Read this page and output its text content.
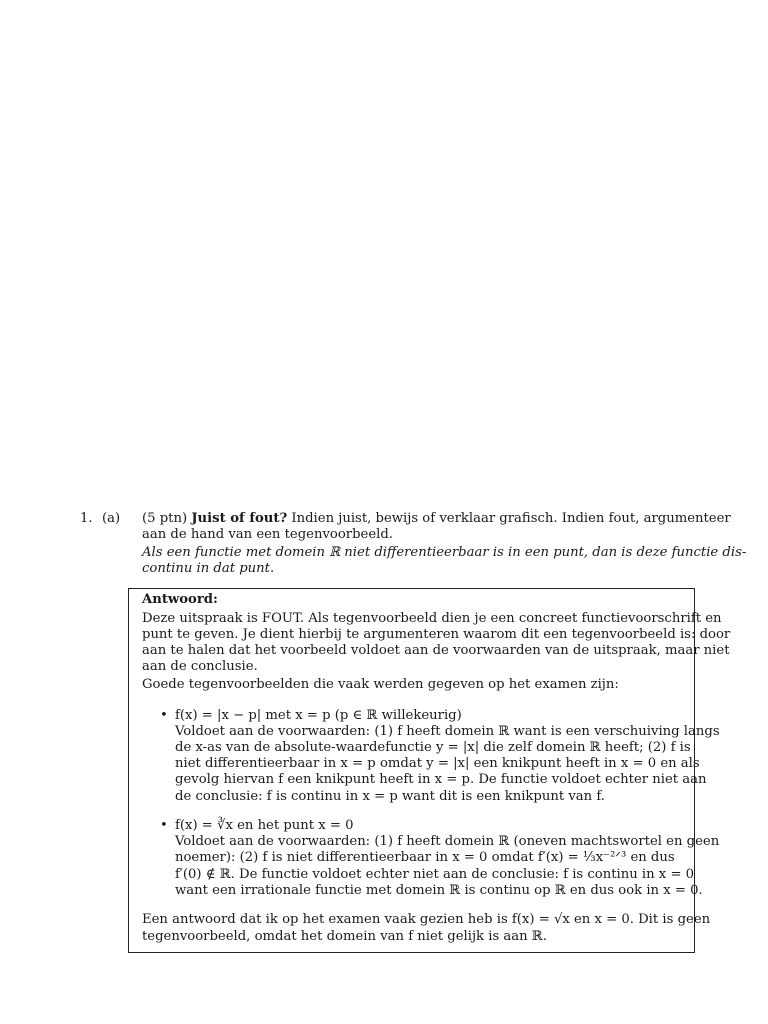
1. (a) (5 ptn) Juist of fout? Indien juist, bewijs of verklaar grafisch. Indien fout, argumenteer
aan de hand van een tegenvoorbeeld.
Als een functie met domein ℝ niet differentieerbaar is in een punt, dan is deze functie dis-
continu in dat punt.
Antwoord:
Deze uitspraak is FOUT. Als tegenvoorbeeld dien je een concreet functievoorschrift en
punt te geven. Je dient hierbij te argumenteren waarom dit een tegenvoorbeeld is: door
aan te halen dat het voorbeeld voldoet aan de voorwaarden van de uitspraak, maar niet
aan de conclusie.
Goede tegenvoorbeelden die vaak werden gegeven op het examen zijn:
• f(x) = |x − p| met x = p (p ∈ ℝ willekeurig)
Voldoet aan de voorwaarden: (1) f heeft domein ℝ want is een verschuiving langs
de x-as van de absolute-waardefunctie y = |x| die zelf domein ℝ heeft; (2) f is
niet differentieerbaar in x = p omdat y = |x| een knikpunt heeft in x = 0 en als
gevolg hiervan f een knikpunt heeft in x = p. De functie voldoet echter niet aan
de conclusie: f is continu in x = p want dit is een knikpunt van f.
• f(x) = ∛x en het punt x = 0
Voldoet aan de voorwaarden: (1) f heeft domein ℝ (oneven machtswortel en geen
noemer): (2) f is niet differentieerbaar in x = 0 omdat f′(x) = ⅓x⁻²ᐟ³ en dus
f′(0) ∉ ℝ. De functie voldoet echter niet aan de conclusie: f is continu in x = 0
want een irrationale functie met domein ℝ is continu op ℝ en dus ook in x = 0.
Een antwoord dat ik op het examen vaak gezien heb is f(x) = √x en x = 0. Dit is geen
tegenvoorbeeld, omdat het domein van f niet gelijk is aan ℝ.
